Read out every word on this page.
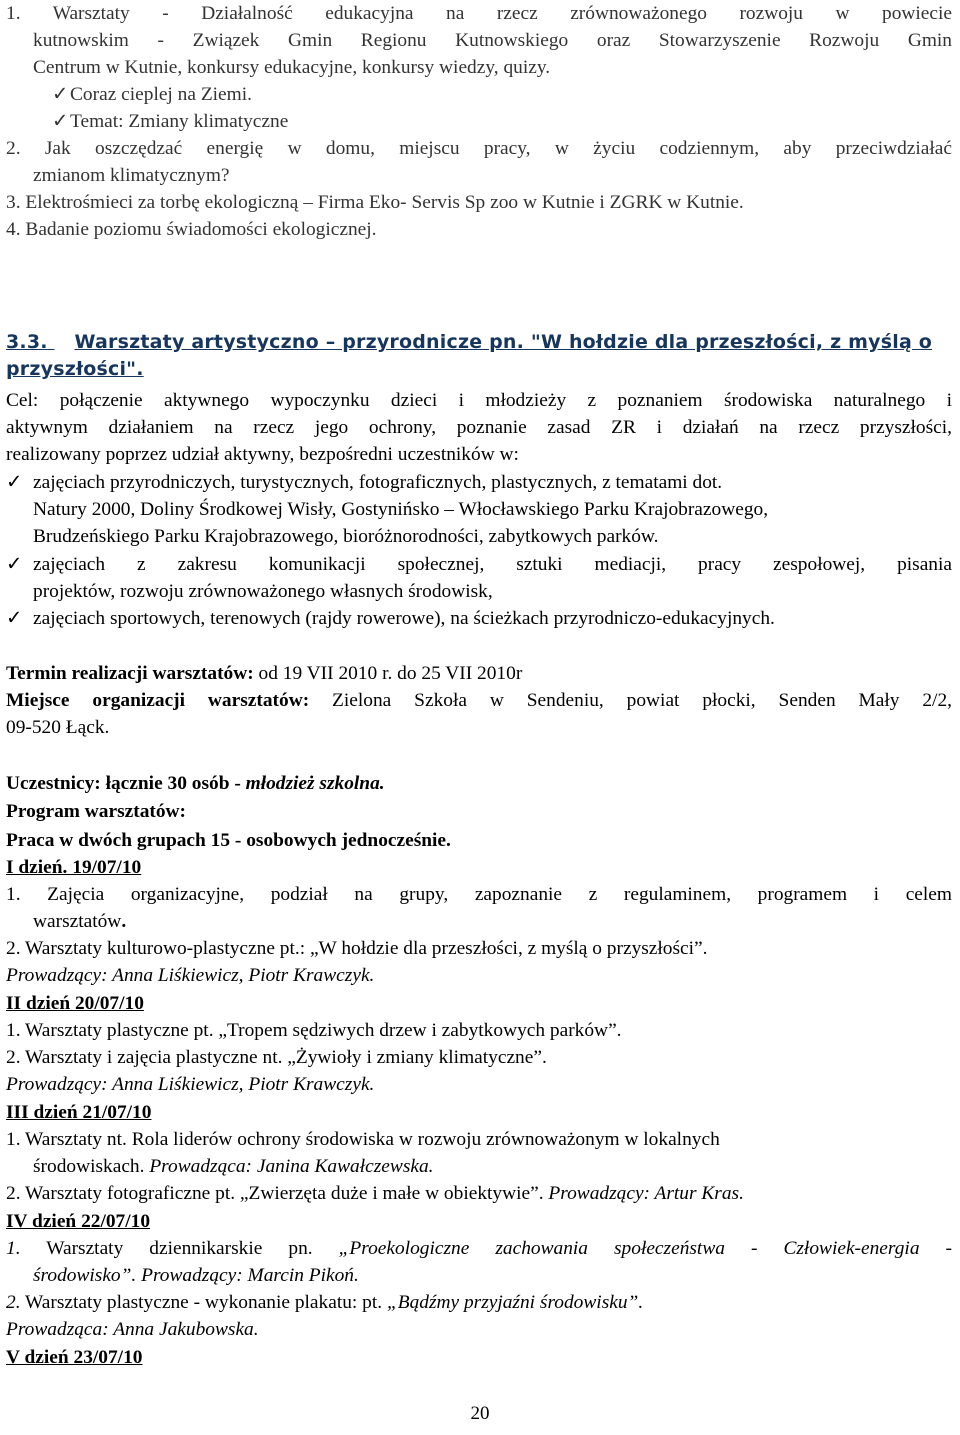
1. Warsztaty - Działalność edukacyjna na rzecz zrównoważonego rozwoju w powiecie
kutnowskim - Związek Gmin Regionu Kutnowskiego oraz Stowarzyszenie Rozwoju Gmin
Centrum w Kutnie, konkursy edukacyjne, konkursy wiedzy, quizy.
✓Coraz cieplej na Ziemi.
✓Temat: Zmiany klimatyczne
2. Jak oszczędzać energię w domu, miejscu pracy, w życiu codziennym, aby przeciwdziałać
zmianom klimatycznym?
3. Elektrośmieci za torbę ekologiczną – Firma Eko- Servis Sp zoo w Kutnie i ZGRK w Kutnie.
4. Badanie poziomu świadomości ekologicznej.
3.3. Warsztaty artystyczno – przyrodnicze pn. "W hołdzie dla przeszłości, z myślą o
przyszłości".
Cel: połączenie aktywnego wypoczynku dzieci i młodzieży z poznaniem środowiska naturalnego i
aktywnym działaniem na rzecz jego ochrony, poznanie zasad ZR i działań na rzecz przyszłości,
realizowany poprzez udział aktywny, bezpośredni uczestników w:
✓ zajęciach przyrodniczych, turystycznych, fotograficznych, plastycznych, z tematami dot.
Natury 2000, Doliny Środkowej Wisły, Gostynińsko – Włocławskiego Parku Krajobrazowego,
Brudzeńskiego Parku Krajobrazowego, bioróżnorodności, zabytkowych parków.
✓ zajęciach z zakresu komunikacji społecznej, sztuki mediacji, pracy zespołowej, pisania
projektów, rozwoju zrównoważonego własnych środowisk,
✓ zajęciach sportowych, terenowych (rajdy rowerowe), na ścieżkach przyrodniczo-edukacyjnych.
Termin realizacji warsztatów: od 19 VII 2010 r. do 25 VII 2010r
Miejsce organizacji warsztatów: Zielona Szkoła w Sendeniu, powiat płocki, Senden Mały 2/2,
09-520 Łąck.
Uczestnicy: łącznie 30 osób - młodzież szkolna.
Program warsztatów:
Praca w dwóch grupach 15 - osobowych jednocześnie.
I dzień. 19/07/10
1. Zajęcia organizacyjne, podział na grupy, zapoznanie z regulaminem, programem i celem
warsztatów.
2. Warsztaty kulturowo-plastyczne pt.: „W hołdzie dla przeszłości, z myślą o przyszłości”.
Prowadzący: Anna Liśkiewicz, Piotr Krawczyk.
II dzień 20/07/10
1. Warsztaty plastyczne pt. „Tropem sędziwych drzew i zabytkowych parków”.
2. Warsztaty i zajęcia plastyczne nt. „Żywioły i zmiany klimatyczne”.
Prowadzący: Anna Liśkiewicz, Piotr Krawczyk.
III dzień 21/07/10
1. Warsztaty nt. Rola liderów ochrony środowiska w rozwoju zrównoważonym w lokalnych
środowiskach. Prowadząca: Janina Kawałczewska.
2. Warsztaty fotograficzne pt. „Zwierzęta duże i małe w obiektywie”. Prowadzący: Artur Kras.
IV dzień 22/07/10
1. Warsztaty dziennikarskie pn. „Proekologiczne zachowania społeczeństwa - Człowiek-energia -
środowisko”. Prowadzący: Marcin Pikoń.
2. Warsztaty plastyczne - wykonanie plakatu: pt. „Bądźmy przyjaźni środowisku”.
Prowadząca: Anna Jakubowska.
V dzień 23/07/10
20
